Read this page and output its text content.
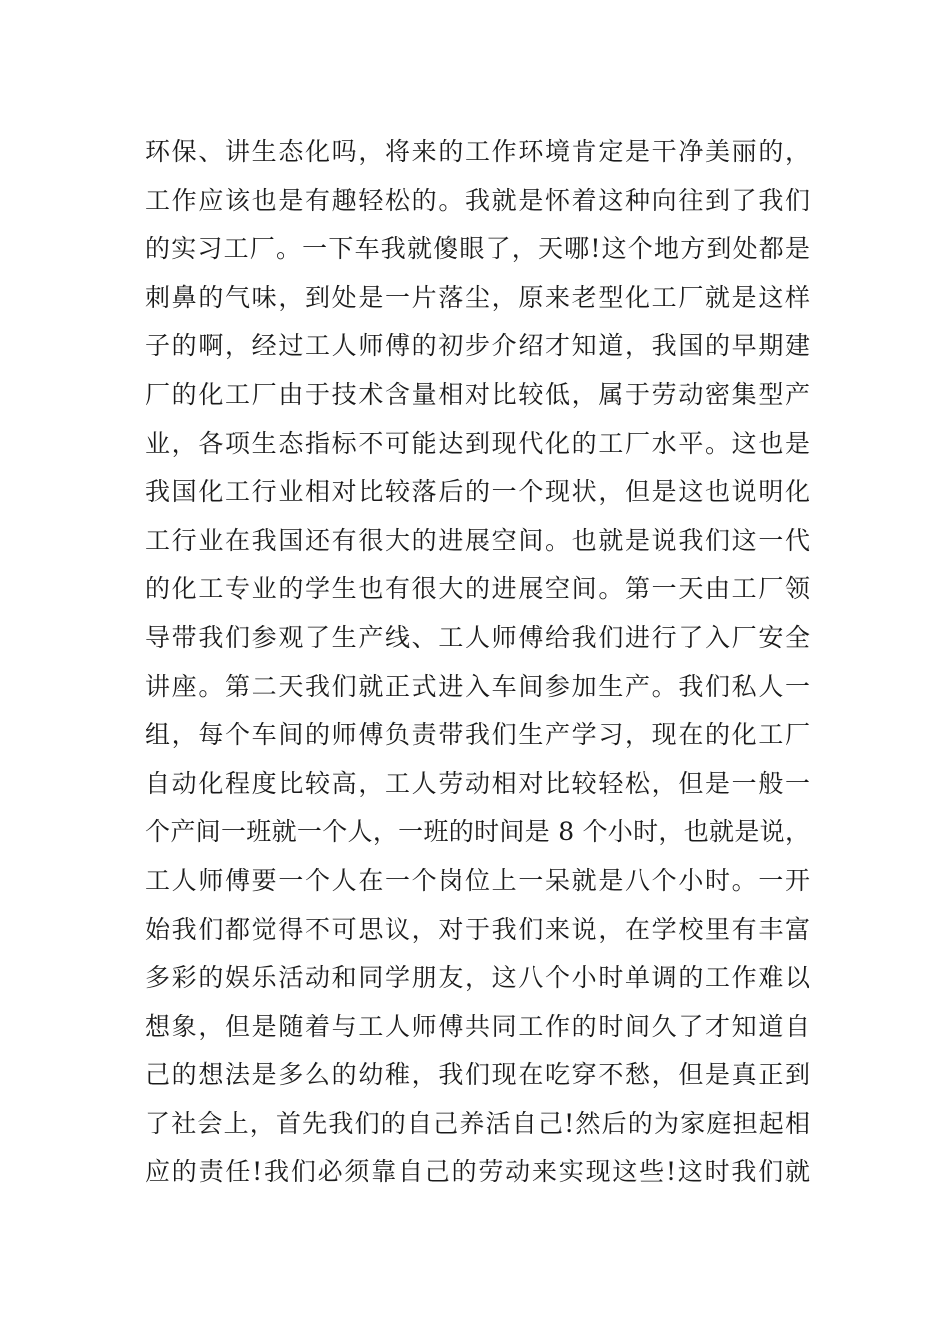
环保、讲生态化吗，将来的工作环境肯定是干净美丽的，
工作应该也是有趣轻松的。我就是怀着这种向往到了我们
的实习工厂。一下车我就傻眼了，天哪!这个地方到处都是
刺鼻的气味，到处是一片落尘，原来老型化工厂就是这样
子的啊，经过工人师傅的初步介绍才知道，我国的早期建
厂的化工厂由于技术含量相对比较低，属于劳动密集型产
业，各项生态指标不可能达到现代化的工厂水平。这也是
我国化工行业相对比较落后的一个现状，但是这也说明化
工行业在我国还有很大的进展空间。也就是说我们这一代
的化工专业的学生也有很大的进展空间。第一天由工厂领
导带我们参观了生产线、工人师傅给我们进行了入厂安全
讲座。第二天我们就正式进入车间参加生产。我们私人一
组，每个车间的师傅负责带我们生产学习，现在的化工厂
自动化程度比较高，工人劳动相对比较轻松，但是一般一
个产间一班就一个人，一班的时间是 8 个小时，也就是说，
工人师傅要一个人在一个岗位上一呆就是八个小时。一开
始我们都觉得不可思议，对于我们来说，在学校里有丰富
多彩的娱乐活动和同学朋友，这八个小时单调的工作难以
想象，但是随着与工人师傅共同工作的时间久了才知道自
己的想法是多么的幼稚，我们现在吃穿不愁，但是真正到
了社会上，首先我们的自己养活自己!然后的为家庭担起相
应的责任!我们必须靠自己的劳动来实现这些!这时我们就
